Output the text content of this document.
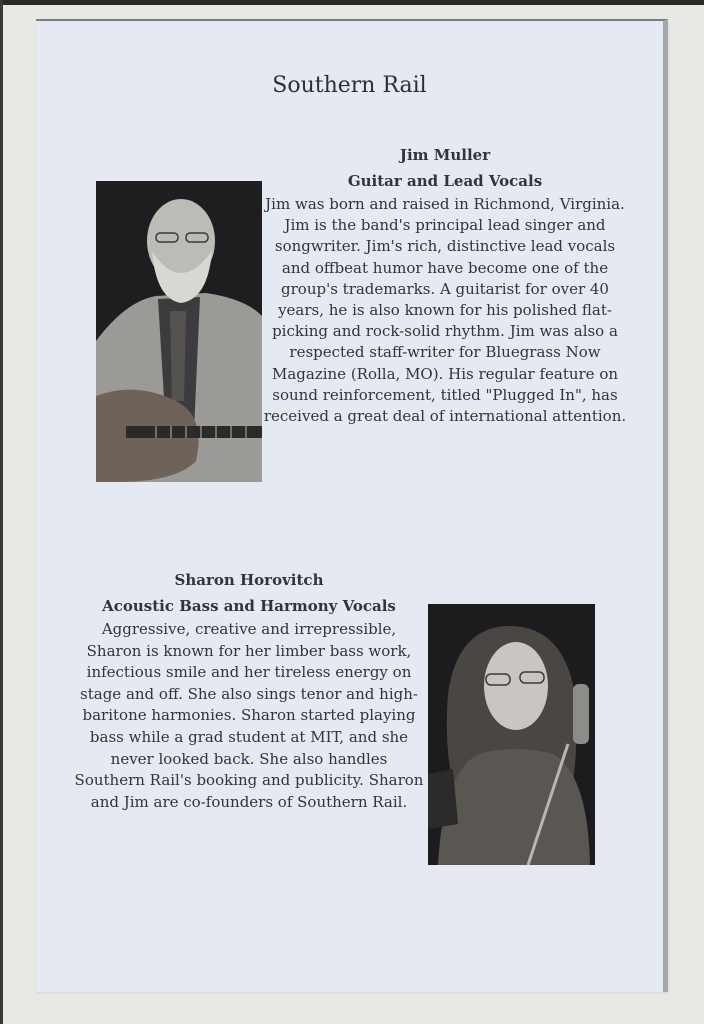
Southern Rail
Jim Muller
Guitar and Lead Vocals
Jim was born and raised in Richmond, Virginia. Jim is the band's principal lead singer and songwriter. Jim's rich, distinctive lead vocals and offbeat humor have become one of the group's trademarks. A guitarist for over 40 years, he is also known for his polished flat-picking and rock-solid rhythm. Jim was also a respected staff-writer for Bluegrass Now Magazine (Rolla, MO). His regular feature on sound reinforcement, titled "Plugged In", has received a great deal of international attention.
Sharon Horovitch
Acoustic Bass and Harmony Vocals
Aggressive, creative and irrepressible, Sharon is known for her limber bass work, infectious smile and her tireless energy on stage and off. She also sings tenor and high-baritone harmonies. Sharon started playing bass while a grad student at MIT, and she never looked back. She also handles Southern Rail's booking and publicity. Sharon and Jim are co-founders of Southern Rail.
